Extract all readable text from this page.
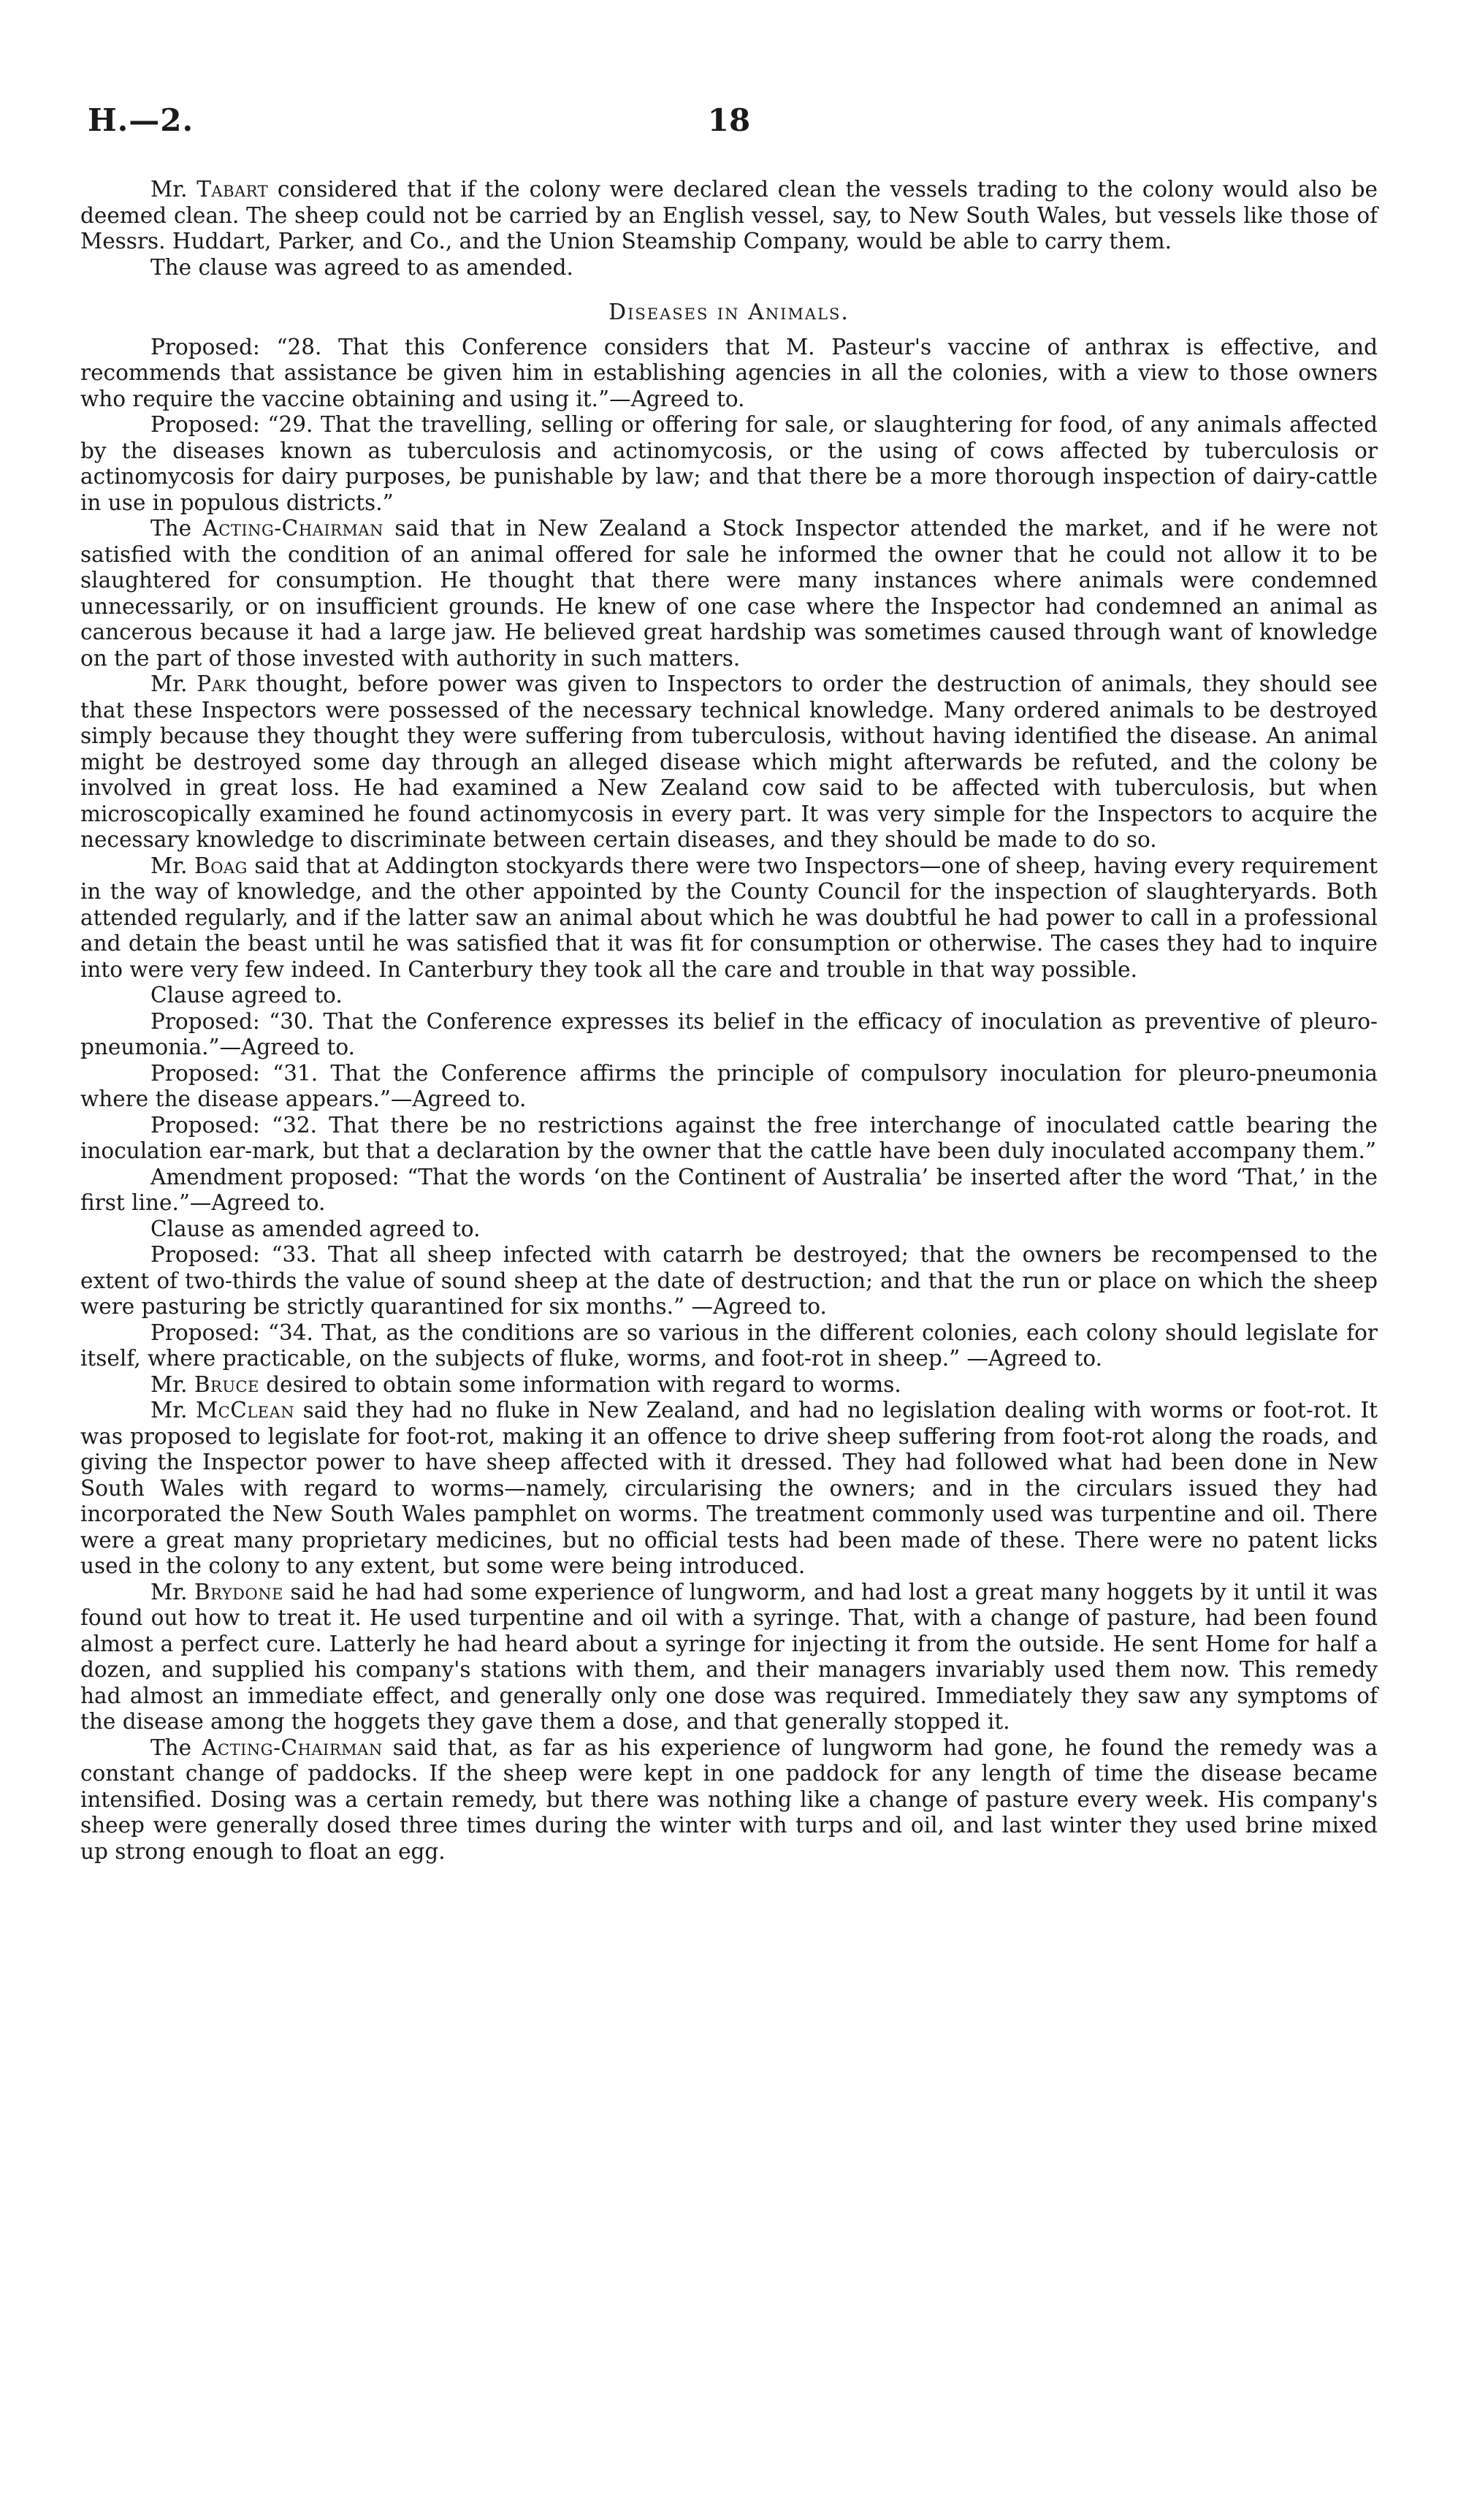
H.—2.	18

Mr. Tabart considered that if the colony were declared clean the vessels trading to the colony would also be deemed clean. The sheep could not be carried by an English vessel, say, to New South Wales, but vessels like those of Messrs. Huddart, Parker, and Co., and the Union Steamship Company, would be able to carry them.

The clause was agreed to as amended.

Diseases in Animals.

Proposed: “28. That this Conference considers that M. Pasteur's vaccine of anthrax is effective, and recommends that assistance be given him in establishing agencies in all the colonies, with a view to those owners who require the vaccine obtaining and using it.”—Agreed to.

Proposed: “29. That the travelling, selling or offering for sale, or slaughtering for food, of any animals affected by the diseases known as tuberculosis and actinomycosis, or the using of cows affected by tuberculosis or actinomycosis for dairy purposes, be punishable by law; and that there be a more thorough inspection of dairy-cattle in use in populous districts.”

The Acting-Chairman said that in New Zealand a Stock Inspector attended the market, and if he were not satisfied with the condition of an animal offered for sale he informed the owner that he could not allow it to be slaughtered for consumption. He thought that there were many instances where animals were condemned unnecessarily, or on insufficient grounds. He knew of one case where the Inspector had condemned an animal as cancerous because it had a large jaw. He believed great hardship was sometimes caused through want of knowledge on the part of those invested with authority in such matters.

Mr. Park thought, before power was given to Inspectors to order the destruction of animals, they should see that these Inspectors were possessed of the necessary technical knowledge. Many ordered animals to be destroyed simply because they thought they were suffering from tuberculosis, without having identified the disease. An animal might be destroyed some day through an alleged disease which might afterwards be refuted, and the colony be involved in great loss. He had examined a New Zealand cow said to be affected with tuberculosis, but when microscopically examined he found actinomycosis in every part. It was very simple for the Inspectors to acquire the necessary knowledge to discriminate between certain diseases, and they should be made to do so.

Mr. Boag said that at Addington stockyards there were two Inspectors—one of sheep, having every requirement in the way of knowledge, and the other appointed by the County Council for the inspection of slaughteryards. Both attended regularly, and if the latter saw an animal about which he was doubtful he had power to call in a professional and detain the beast until he was satisfied that it was fit for consumption or otherwise. The cases they had to inquire into were very few indeed. In Canterbury they took all the care and trouble in that way possible.

Clause agreed to.

Proposed: “30. That the Conference expresses its belief in the efficacy of inoculation as preventive of pleuro-pneumonia.”—Agreed to.

Proposed: “31. That the Conference affirms the principle of compulsory inoculation for pleuro-pneumonia where the disease appears.”—Agreed to.

Proposed: “32. That there be no restrictions against the free interchange of inoculated cattle bearing the inoculation ear-mark, but that a declaration by the owner that the cattle have been duly inoculated accompany them.”

Amendment proposed: “That the words ‘on the Continent of Australia’ be inserted after the word ‘That,’ in the first line.”—Agreed to.

Clause as amended agreed to.

Proposed: “33. That all sheep infected with catarrh be destroyed; that the owners be recompensed to the extent of two-thirds the value of sound sheep at the date of destruction; and that the run or place on which the sheep were pasturing be strictly quarantined for six months.” —Agreed to.

Proposed: “34. That, as the conditions are so various in the different colonies, each colony should legislate for itself, where practicable, on the subjects of fluke, worms, and foot-rot in sheep.” —Agreed to.

Mr. Bruce desired to obtain some information with regard to worms.

Mr. McClean said they had no fluke in New Zealand, and had no legislation dealing with worms or foot-rot. It was proposed to legislate for foot-rot, making it an offence to drive sheep suffering from foot-rot along the roads, and giving the Inspector power to have sheep affected with it dressed. They had followed what had been done in New South Wales with regard to worms—namely, circularising the owners; and in the circulars issued they had incorporated the New South Wales pamphlet on worms. The treatment commonly used was turpentine and oil. There were a great many proprietary medicines, but no official tests had been made of these. There were no patent licks used in the colony to any extent, but some were being introduced.

Mr. Brydone said he had had some experience of lungworm, and had lost a great many hoggets by it until it was found out how to treat it. He used turpentine and oil with a syringe. That, with a change of pasture, had been found almost a perfect cure. Latterly he had heard about a syringe for injecting it from the outside. He sent Home for half a dozen, and supplied his company's stations with them, and their managers invariably used them now. This remedy had almost an immediate effect, and generally only one dose was required. Immediately they saw any symptoms of the disease among the hoggets they gave them a dose, and that generally stopped it.

The Acting-Chairman said that, as far as his experience of lungworm had gone, he found the remedy was a constant change of paddocks. If the sheep were kept in one paddock for any length of time the disease became intensified. Dosing was a certain remedy, but there was nothing like a change of pasture every week. His company's sheep were generally dosed three times during the winter with turps and oil, and last winter they used brine mixed up strong enough to float an egg.
